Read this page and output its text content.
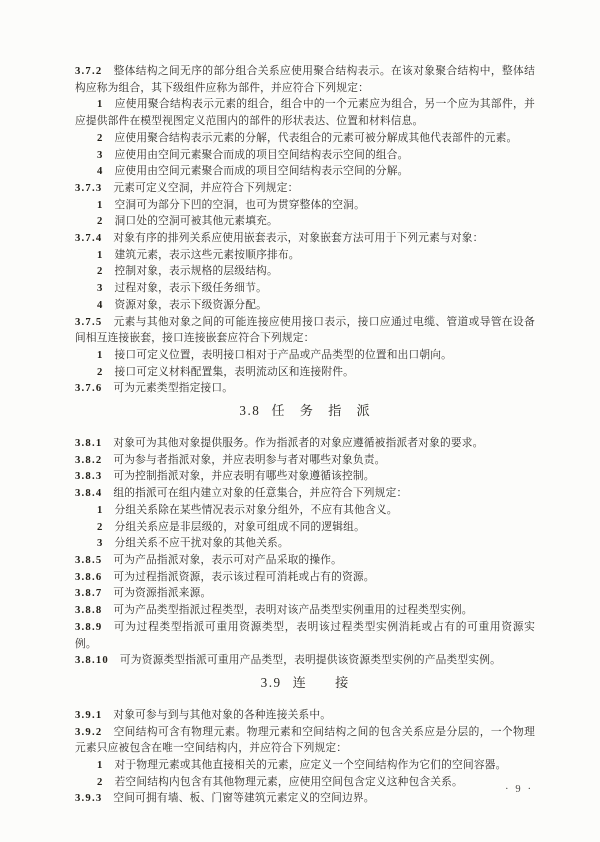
3.7.2 整体结构之间无序的部分组合关系应使用聚合结构表示。在该对象聚合结构中，整体结构应称为组合，其下级组件应称为部件，并应符合下列规定：

1 应使用聚合结构表示元素的组合，组合中的一个元素应为组合，另一个应为其部件，并应提供部件在模型视图定义范围内的部件的形状表达、位置和材料信息。

2 应使用聚合结构表示元素的分解，代表组合的元素可被分解成其他代表部件的元素。

3 应使用由空间元素聚合而成的项目空间结构表示空间的组合。

4 应使用由空间元素聚合而成的项目空间结构表示空间的分解。

3.7.3 元素可定义空洞，并应符合下列规定：

1 空洞可为部分下凹的空洞，也可为贯穿整体的空洞。

2 洞口处的空洞可被其他元素填充。

3.7.4 对象有序的排列关系应使用嵌套表示，对象嵌套方法可用于下列元素与对象：

1 建筑元素，表示这些元素按顺序排布。

2 控制对象，表示规格的层级结构。

3 过程对象，表示下级任务细节。

4 资源对象，表示下级资源分配。

3.7.5 元素与其他对象之间的可能连接应使用接口表示，接口应通过电缆、管道或导管在设备间相互连接嵌套，接口连接嵌套应符合下列规定：

1 接口可定义位置，表明接口相对于产品或产品类型的位置和出口朝向。

2 接口可定义材料配置集，表明流动区和连接附件。

3.7.6 可为元素类型指定接口。

3.8 任　务　指　派

3.8.1 对象可为其他对象提供服务。作为指派者的对象应遵循被指派者对象的要求。

3.8.2 可为参与者指派对象，并应表明参与者对哪些对象负责。

3.8.3 可为控制指派对象，并应表明有哪些对象遵循该控制。

3.8.4 组的指派可在组内建立对象的任意集合，并应符合下列规定：

1 分组关系除在某些情况表示对象分组外，不应有其他含义。

2 分组关系应是非层级的，对象可组成不同的逻辑组。

3 分组关系不应干扰对象的其他关系。

3.8.5 可为产品指派对象，表示可对产品采取的操作。

3.8.6 可为过程指派资源，表示该过程可消耗或占有的资源。

3.8.7 可为资源指派来源。

3.8.8 可为产品类型指派过程类型，表明对该产品类型实例重用的过程类型实例。

3.8.9 可为过程类型指派可重用资源类型，表明该过程类型实例消耗或占有的可重用资源实例。

3.8.10 可为资源类型指派可重用产品类型，表明提供该资源类型实例的产品类型实例。

3.9 连　　接

3.9.1 对象可参与到与其他对象的各种连接关系中。

3.9.2 空间结构可含有物理元素。物理元素和空间结构之间的包含关系应是分层的，一个物理元素只应被包含在唯一空间结构内，并应符合下列规定：

1 对于物理元素或其他直接相关的元素，应定义一个空间结构作为它们的空间容器。

2 若空间结构内包含有其他物理元素，应使用空间包含定义这种包含关系。

3.9.3 空间可拥有墙、板、门窗等建筑元素定义的空间边界。

· 9 ·
